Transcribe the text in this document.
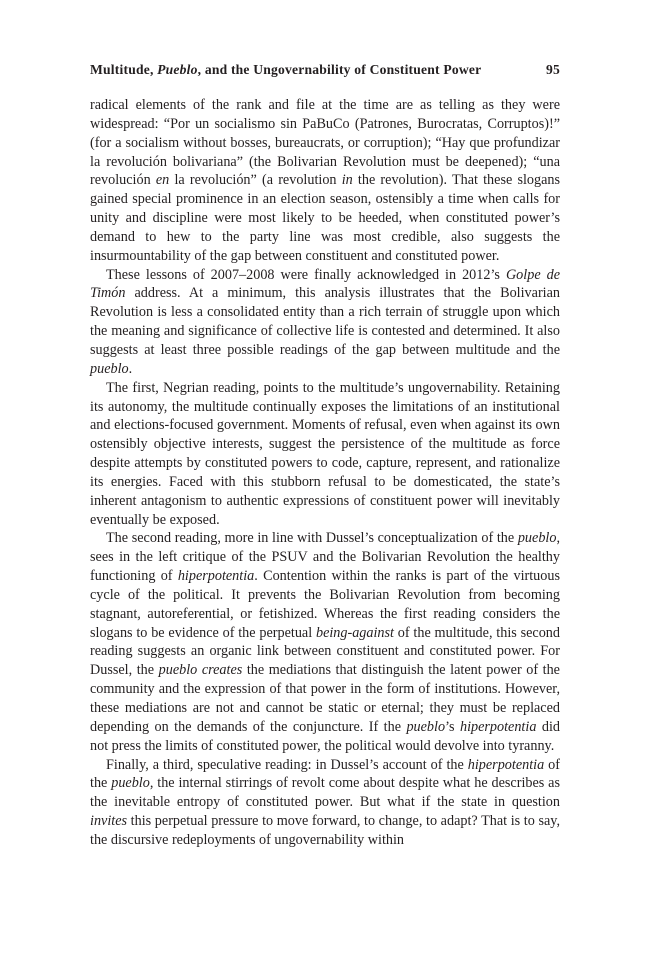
Multitude, Pueblo, and the Ungovernability of Constituent Power	95

radical elements of the rank and file at the time are as telling as they were widespread: “Por un socialismo sin PaBuCo (Patrones, Burocratas, Corruptos)!” (for a socialism without bosses, bureaucrats, or corruption); “Hay que profundizar la revolución bolivariana” (the Bolivarian Revolution must be deepened); “una revolución en la revolución” (a revolution in the revolution). That these slogans gained special prominence in an election season, ostensibly a time when calls for unity and discipline were most likely to be heeded, when constituted power’s demand to hew to the party line was most credible, also suggests the insurmountability of the gap between constituent and constituted power.

These lessons of 2007–2008 were finally acknowledged in 2012’s Golpe de Timón address. At a minimum, this analysis illustrates that the Bolivarian Revolution is less a consolidated entity than a rich terrain of struggle upon which the meaning and significance of collective life is contested and determined. It also suggests at least three possible readings of the gap between multitude and the pueblo.

The first, Negrian reading, points to the multitude’s ungovernability. Retaining its autonomy, the multitude continually exposes the limitations of an institutional and elections-focused government. Moments of refusal, even when against its own ostensibly objective interests, suggest the persistence of the multitude as force despite attempts by constituted powers to code, capture, represent, and rationalize its energies. Faced with this stubborn refusal to be domesticated, the state’s inherent antagonism to authentic expressions of constituent power will inevitably eventually be exposed.

The second reading, more in line with Dussel’s conceptualization of the pueblo, sees in the left critique of the PSUV and the Bolivarian Revolution the healthy functioning of hiperpotentia. Contention within the ranks is part of the virtuous cycle of the political. It prevents the Bolivarian Revolution from becoming stagnant, autoreferential, or fetishized. Whereas the first reading considers the slogans to be evidence of the perpetual being-against of the multitude, this second reading suggests an organic link between constituent and constituted power. For Dussel, the pueblo creates the mediations that distinguish the latent power of the community and the expression of that power in the form of institutions. However, these mediations are not and cannot be static or eternal; they must be replaced depending on the demands of the conjuncture. If the pueblo’s hiperpotentia did not press the limits of constituted power, the political would devolve into tyranny.

Finally, a third, speculative reading: in Dussel’s account of the hiperpotentia of the pueblo, the internal stirrings of revolt come about despite what he describes as the inevitable entropy of constituted power. But what if the state in question invites this perpetual pressure to move forward, to change, to adapt? That is to say, the discursive redeployments of ungovernability within
